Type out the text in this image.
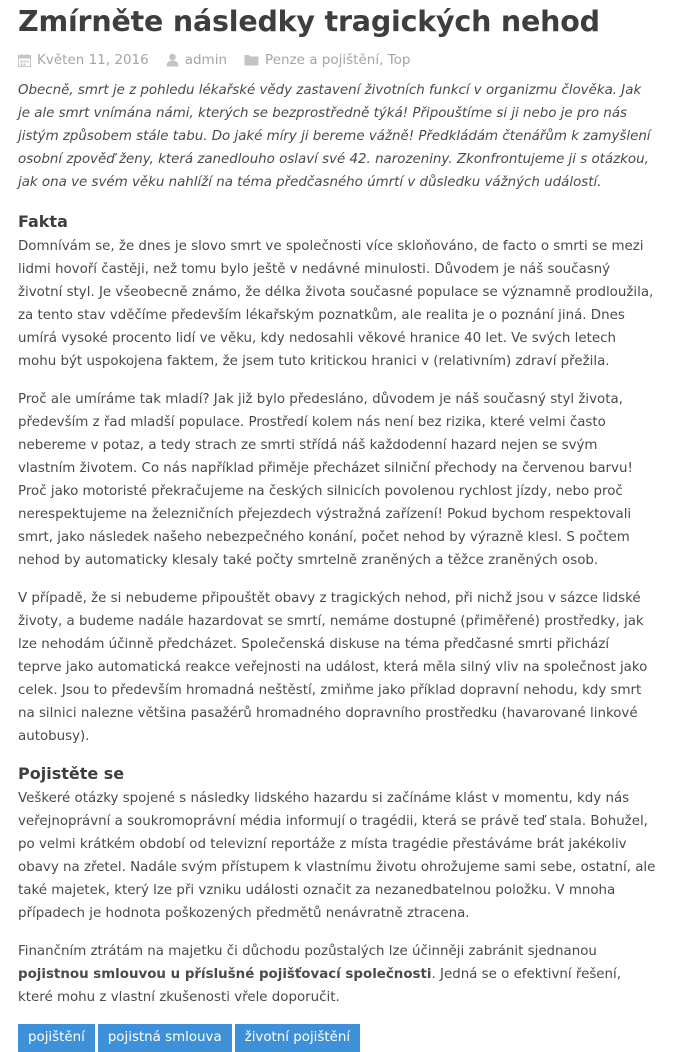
Zmírněte následky tragických nehod
Květen 11, 2016	admin	Penze a pojištění , Top

Obecně, smrt je z pohledu lékařské vědy zastavení životních funkcí v organizmu člověka. Jak je ale smrt vnímána námi, kterých se bezprostředně týká! Připouštíme si ji nebo je pro nás jistým způsobem stále tabu. Do jaké míry ji bereme vážně! Předkládám čtenářům k zamyšlení osobní zpověď ženy, která zanedlouho oslaví své 42. narozeniny. Zkonfrontujeme ji s otázkou, jak ona ve svém věku nahlíží na téma předčasného úmrtí v důsledku vážných událostí.

Fakta

Domnívám se, že dnes je slovo smrt ve společnosti více skloňováno, de facto o smrti se mezi lidmi hovoří častěji, než tomu bylo ještě v nedávné minulosti. Důvodem je náš současný životní styl. Je všeobecně známo, že délka života současné populace se významně prodloužila, za tento stav vděčíme především lékařským poznatkům, ale realita je o poznání jiná. Dnes umírá vysoké procento lidí ve věku, kdy nedosahli věkové hranice 40 let. Ve svých letech mohu být uspokojena faktem, že jsem tuto kritickou hranici v (relativním) zdraví přežila.

Proč ale umíráme tak mladí? Jak již bylo předesláno, důvodem je náš současný styl života, především z řad mladší populace. Prostředí kolem nás není bez rizika, které velmi často nebereme v potaz, a tedy strach ze smrti střídá náš každodenní hazard nejen se svým vlastním životem. Co nás například přiměje přecházet silniční přechody na červenou barvu! Proč jako motoristé překračujeme na českých silnicích povolenou rychlost jízdy, nebo proč nerespektujeme na železničních přejezdech výstražná zařízení! Pokud bychom respektovali smrt, jako následek našeho nebezpečného konání, počet nehod by výrazně klesl. S počtem nehod by automaticky klesaly také počty smrtelně zraněných a těžce zraněných osob.

V případě, že si nebudeme připouštět obavy z tragických nehod, při nichž jsou v sázce lidské životy, a budeme nadále hazardovat se smrtí, nemáme dostupné (přiměřené) prostředky, jak lze nehodám účinně předcházet. Společenská diskuse na téma předčasné smrti přichází teprve jako automatická reakce veřejnosti na událost, která měla silný vliv na společnost jako celek. Jsou to především hromadná neštěstí, zmiňme jako příklad dopravní nehodu, kdy smrt na silnici nalezne většina pasažérů hromadného dopravního prostředku (havarované linkové autobusy).

Pojistěte se

Veškeré otázky spojené s následky lidského hazardu si začínáme klást v momentu, kdy nás veřejnoprávní a soukromoprávní média informují o tragédii, která se právě teď stala. Bohužel, po velmi krátkém období od televizní reportáže z místa tragédie přestáváme brát jakékoliv obavy na zřetel. Nadále svým přístupem k vlastnímu životu ohrožujeme sami sebe, ostatní, ale také majetek, který lze při vzniku události označit za nezanedbatelnou položku. V mnoha případech je hodnota poškozených předmětů nenávratně ztracena.

Finančním ztrátám na majetku či důchodu pozůstalých lze účinněji zabránit sjednanou pojistnou smlouvou u příslušné pojišťovací společnosti. Jedná se o efektivní řešení, které mohu z vlastní zkušenosti vřele doporučit.

pojištění	pojistná smlouva	životní pojištění
